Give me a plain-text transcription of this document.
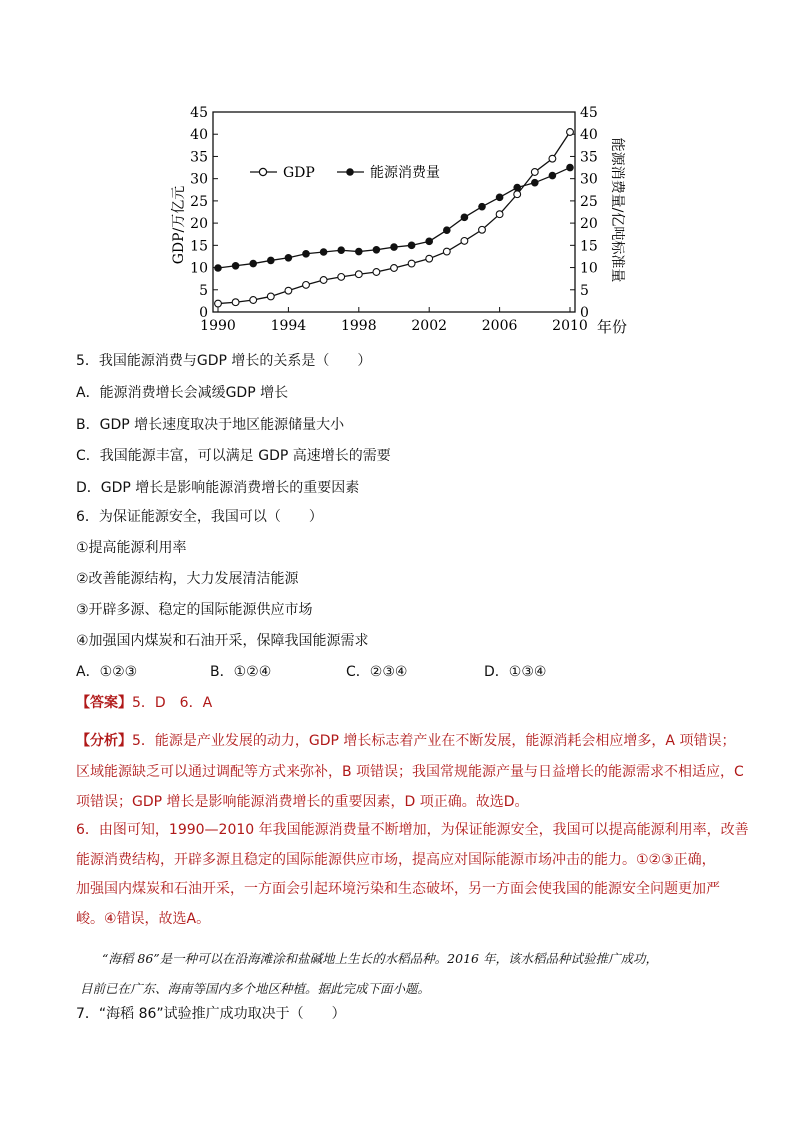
0
5
10
15
20
25
30
35
40
45
0
5
10
15
20
25
30
35
40
45
1990 1994 1998 2002 2006 2010
GDP/万亿元	能源消费量/亿吨标准量
年份
GDP	能源消费量
5．我国能源消费与GDP 增长的关系是（　　）
A．能源消费增长会减缓GDP 增长
B．GDP 增长速度取决于地区能源储量大小
C．我国能源丰富，可以满足 GDP 高速增长的需要
D．GDP 增长是影响能源消费增长的重要因素
6．为保证能源安全，我国可以（　　）
①提高能源利用率
②改善能源结构，大力发展清洁能源
③开辟多源、稳定的国际能源供应市场
④加强国内煤炭和石油开采，保障我国能源需求
A．①②③	B．①②④	C．②③④	D．①③④
【答案】5．D　6．A
【分析】5．能源是产业发展的动力，GDP 增长标志着产业在不断发展，能源消耗会相应增多，A 项错误；
区域能源缺乏可以通过调配等方式来弥补，B 项错误；我国常规能源产量与日益增长的能源需求不相适应，C
项错误；GDP 增长是影响能源消费增长的重要因素，D 项正确。故选D。
6．由图可知，1990—2010 年我国能源消费量不断增加，为保证能源安全，我国可以提高能源利用率，改善
能源消费结构，开辟多源且稳定的国际能源供应市场，提高应对国际能源市场冲击的能力。①②③正确，
加强国内煤炭和石油开采，一方面会引起环境污染和生态破坏，另一方面会使我国的能源安全问题更加严
峻。④错误，故选A。
“海稻 86”是一种可以在沿海滩涂和盐碱地上生长的水稻品种。2016 年，该水稻品种试验推广成功，
目前已在广东、海南等国内多个地区种植。据此完成下面小题。
7．“海稻 86”试验推广成功取决于（　　）
